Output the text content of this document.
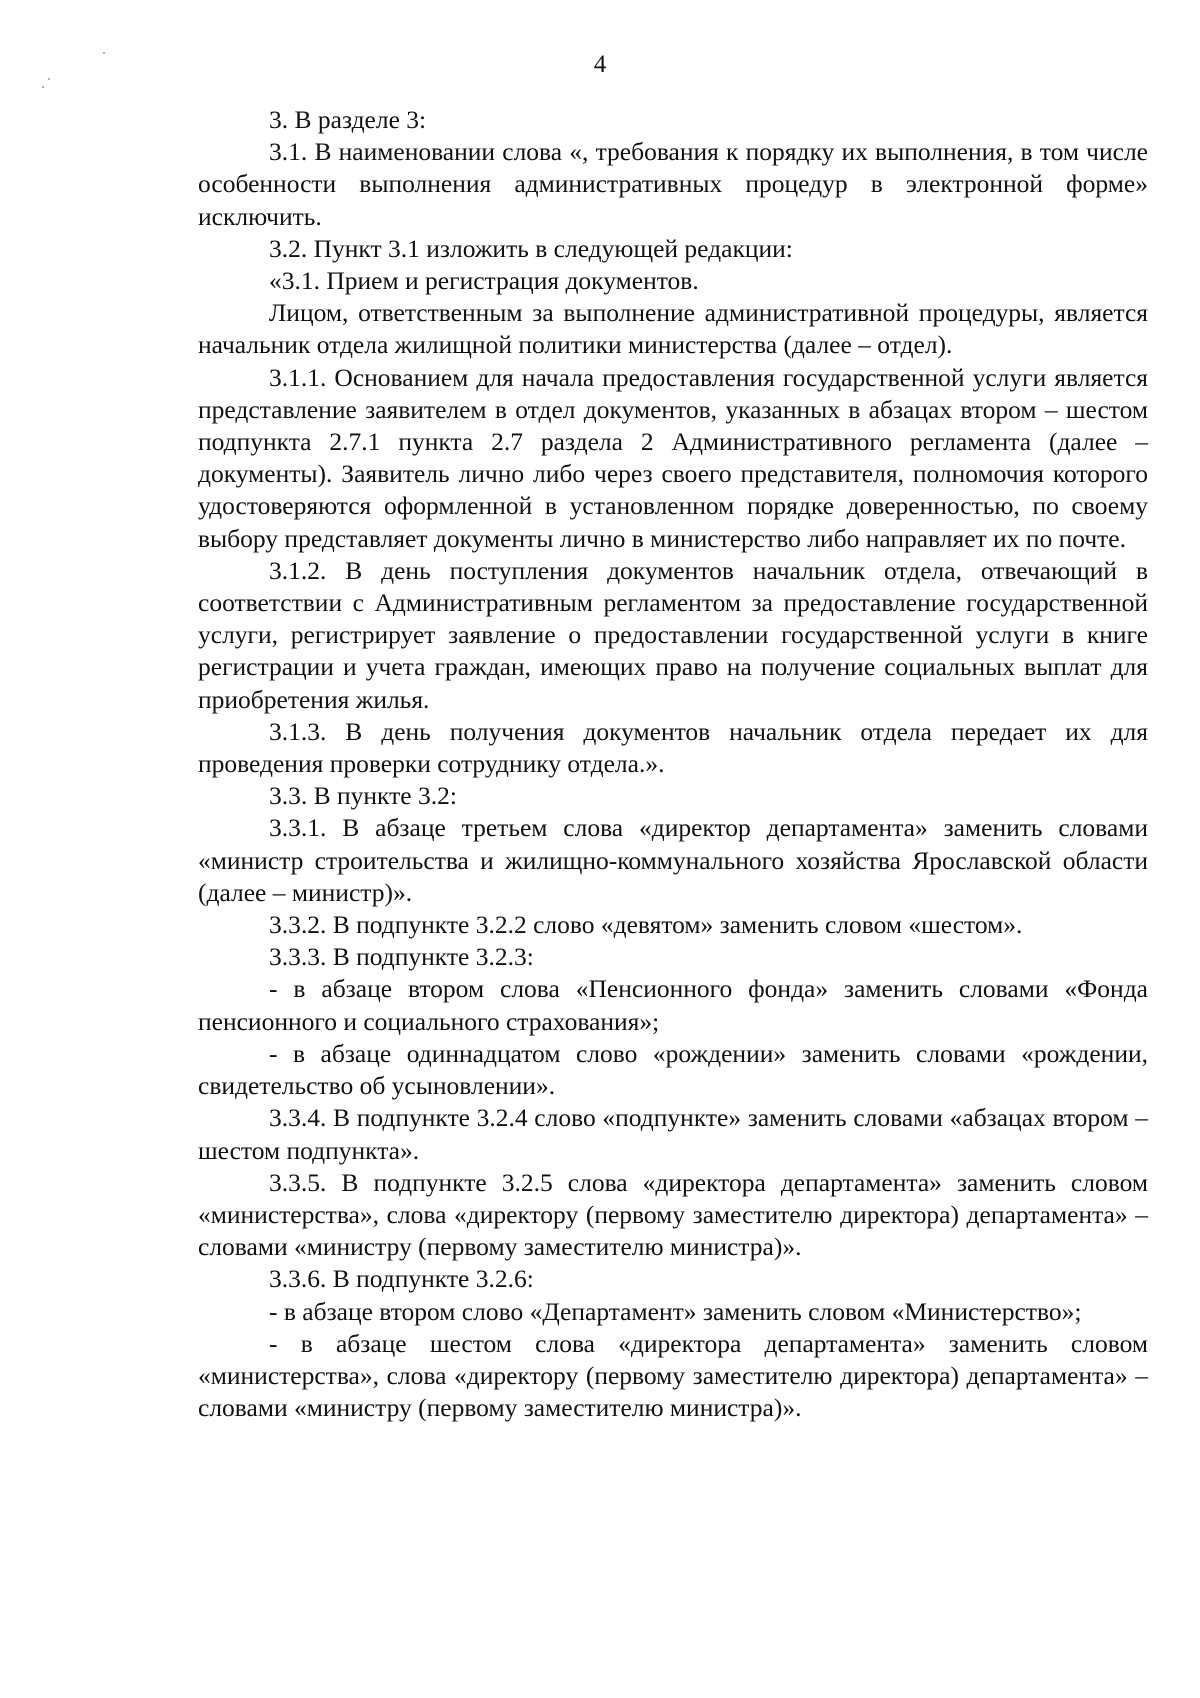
4

3. В разделе 3:

3.1. В наименовании слова «, требования к порядку их выполнения, в том числе особенности выполнения административных процедур в электронной форме» исключить.

3.2. Пункт 3.1 изложить в следующей редакции:

«3.1. Прием и регистрация документов.

Лицом, ответственным за выполнение административной процедуры, является начальник отдела жилищной политики министерства (далее – отдел).

3.1.1. Основанием для начала предоставления государственной услуги является представление заявителем в отдел документов, указанных в абзацах втором – шестом подпункта 2.7.1 пункта 2.7 раздела 2 Административного регламента (далее – документы). Заявитель лично либо через своего представителя, полномочия которого удостоверяются оформленной в установленном порядке доверенностью, по своему выбору представляет документы лично в министерство либо направляет их по почте.

3.1.2. В день поступления документов начальник отдела, отвечающий в соответствии с Административным регламентом за предоставление государственной услуги, регистрирует заявление о предоставлении государственной услуги в книге регистрации и учета граждан, имеющих право на получение социальных выплат для приобретения жилья.

3.1.3. В день получения документов начальник отдела передает их для проведения проверки сотруднику отдела.».

3.3. В пункте 3.2:

3.3.1. В абзаце третьем слова «директор департамента» заменить словами «министр строительства и жилищно-коммунального хозяйства Ярославской области (далее – министр)».

3.3.2. В подпункте 3.2.2 слово «девятом» заменить словом «шестом».

3.3.3. В подпункте 3.2.3:

- в абзаце втором слова «Пенсионного фонда» заменить словами «Фонда пенсионного и социального страхования»;

- в абзаце одиннадцатом слово «рождении» заменить словами «рождении, свидетельство об усыновлении».

3.3.4. В подпункте 3.2.4 слово «подпункте» заменить словами «абзацах втором – шестом подпункта».

3.3.5. В подпункте 3.2.5 слова «директора департамента» заменить словом «министерства», слова «директору (первому заместителю директора) департамента» – словами «министру (первому заместителю министра)».

3.3.6. В подпункте 3.2.6:

- в абзаце втором слово «Департамент» заменить словом «Министерство»;

- в абзаце шестом слова «директора департамента» заменить словом «министерства», слова «директору (первому заместителю директора) департамента» – словами «министру (первому заместителю министра)».
